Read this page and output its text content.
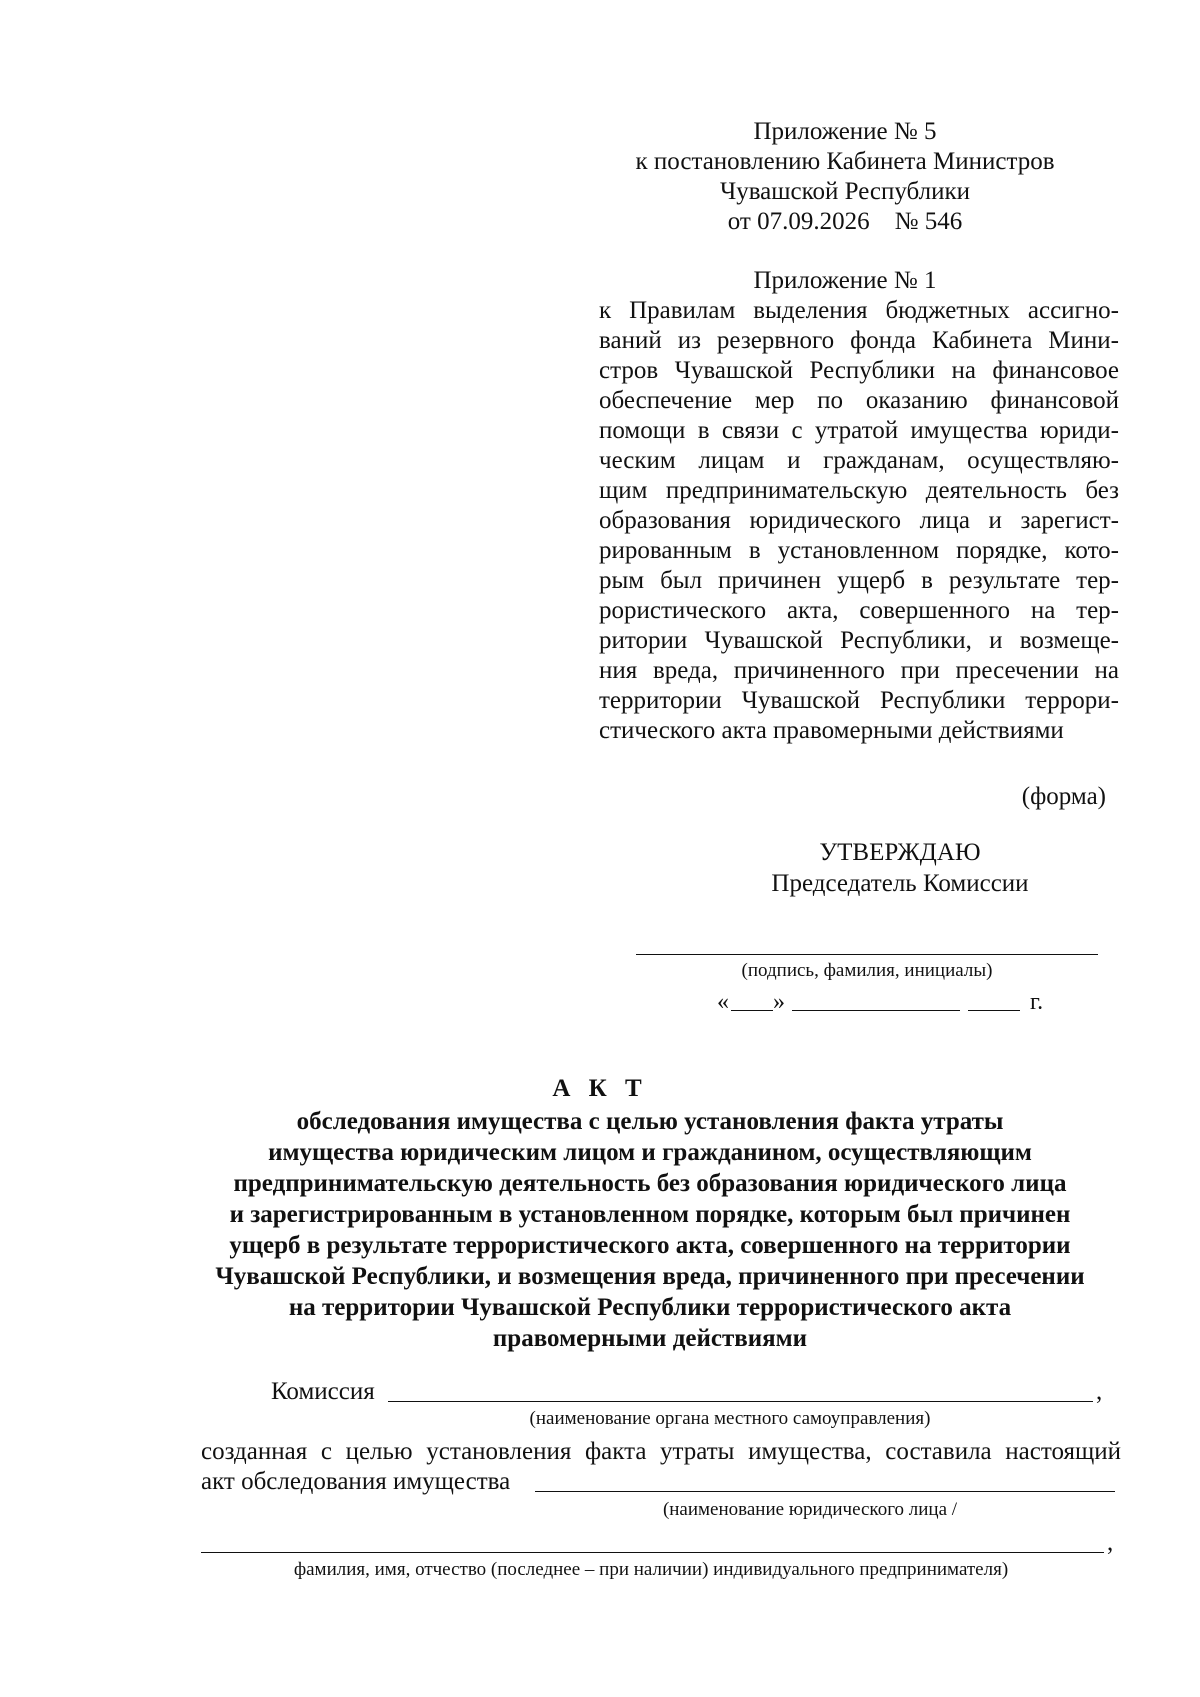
Приложение № 5
к постановлению Кабинета Министров
Чувашской Республики
от 07.09.2026 № 546
Приложение № 1
к Правилам выделения бюджетных ассигно-
ваний из резервного фонда Кабинета Мини-
стров Чувашской Республики на финансовое
обеспечение мер по оказанию финансовой
помощи в связи с утратой имущества юриди-
ческим лицам и гражданам, осуществляю-
щим предпринимательскую деятельность без
образования юридического лица и зарегист-
рированным в установленном порядке, кото-
рым был причинен ущерб в результате тер-
рористического акта, совершенного на тер-
ритории Чувашской Республики, и возмеще-
ния вреда, причиненного при пресечении на
территории Чувашской Республики террори-
стического акта правомерными действиями
(форма)
УТВЕРЖДАЮ
Председатель Комиссии
(подпись, фамилия, инициалы)
« »	г.
А К Т
обследования имущества с целью установления факта утраты
имущества юридическим лицом и гражданином, осуществляющим
предпринимательскую деятельность без образования юридического лица
и зарегистрированным в установленном порядке, которым был причинен
ущерб в результате террористического акта, совершенного на территории
Чувашской Республики, и возмещения вреда, причиненного при пресечении
на территории Чувашской Республики террористического акта
правомерными действиями
Комиссия	,
(наименование органа местного самоуправления)
созданная с целью установления факта утраты имущества, составила настоящий
акт обследования имущества
(наименование юридического лица /
,
фамилия, имя, отчество (последнее – при наличии) индивидуального предпринимателя)
